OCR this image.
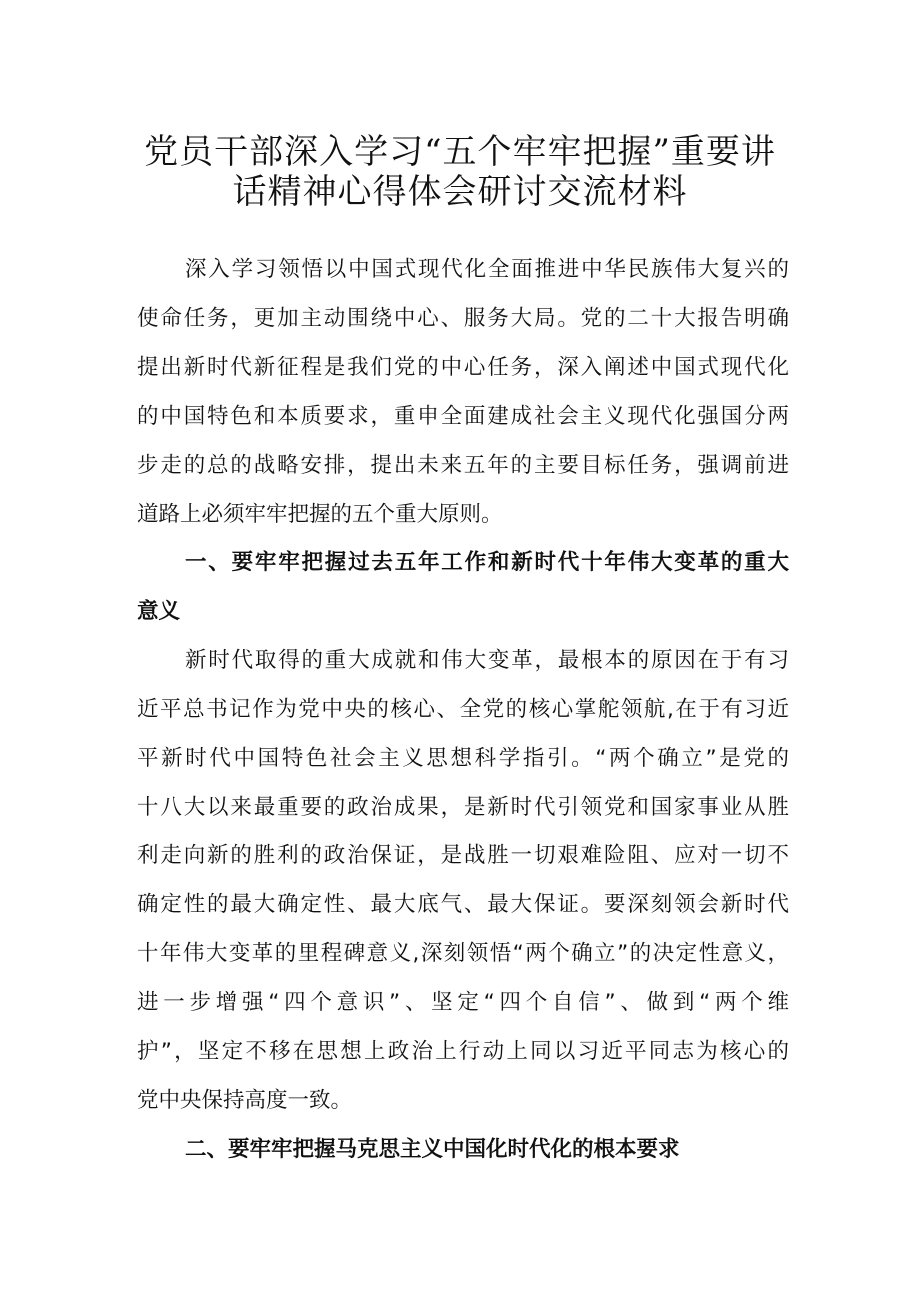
党员干部深入学习“五个牢牢把握”重要讲
话精神心得体会研讨交流材料

深入学习领悟以中国式现代化全面推进中华民族伟大复兴的

使命任务，更加主动围绕中心、服务大局。党的二十大报告明确

提出新时代新征程是我们党的中心任务，深入阐述中国式现代化

的中国特色和本质要求，重申全面建成社会主义现代化强国分两

步走的总的战略安排，提出未来五年的主要目标任务，强调前进

道路上必须牢牢把握的五个重大原则。

一、要牢牢把握过去五年工作和新时代十年伟大变革的重大

意义

新时代取得的重大成就和伟大变革，最根本的原因在于有习

近平总书记作为党中央的核心、全党的核心掌舵领航,在于有习近

平新时代中国特色社会主义思想科学指引。“两个确立”是党的

十八大以来最重要的政治成果，是新时代引领党和国家事业从胜

利走向新的胜利的政治保证，是战胜一切艰难险阻、应对一切不

确定性的最大确定性、最大底气、最大保证。要深刻领会新时代

十年伟大变革的里程碑意义,深刻领悟“两个确立”的决定性意义，

进一步增强“四个意识”、坚定“四个自信”、做到“两个维

护”，坚定不移在思想上政治上行动上同以习近平同志为核心的

党中央保持高度一致。

二、要牢牢把握马克思主义中国化时代化的根本要求
